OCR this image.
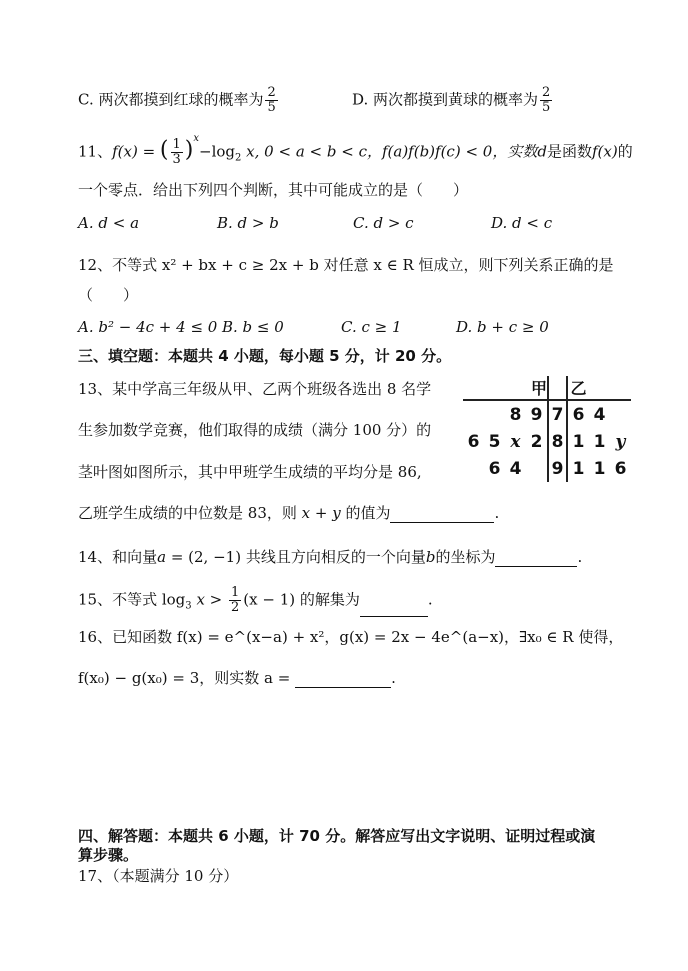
C. 两次都摸到红球的概率为 $\frac{2}{5}$	D. 两次都摸到黄球的概率为 $\frac{2}{5}$
11、f(x) = ( $\frac{1}{3} )^x-\log_2$ x, 0 < a < b < c，f(a)f(b)f(c) < 0，实数d是函数f(x)的
一个零点．给出下列四个判断，其中可能成立的是（　　）
A. d < a	B. d > b	C. d > c	D. d < c
12、不等式 x² + bx + c ≥ 2x + b 对任意 x ∈ R 恒成立，则下列关系正确的是
（　　）
A. b² − 4c + 4 ≤ 0 B. b ≤ 0	C. c ≥ 1	D. b + c ≥ 0
三、填空题：本题共 4 小题，每小题 5 分，计 20 分。
13、某中学高三年级从甲、乙两个班级各选出 8 名学
生参加数学竞赛，他们取得的成绩（满分 100 分）的
茎叶图如图所示，其中甲班学生成绩的平均分是 86,
乙班学生成绩的中位数是 83，则 x + y 的值为	.
			甲		乙		
		8	9	7	6	4	
6	5	x	2	8	1	1	y
	6	4		9	1	1	6
14、和向量a = (2, −1) 共线且方向相反的一个向量b的坐标为	.
15、不等式 $\log_3 x > \frac{1}{2} (x - 1)$ 的解集为	.
16、已知函数 f(x) = e^(x−a) + x²，g(x) = 2x − 4e^(a−x)，∃x₀ ∈ R 使得，
f(x₀) − g(x₀) = 3，则实数 a =	.
四、解答题：本题共 6 小题，计 70 分。解答应写出文字说明、证明过程或演
算步骤。
17、（本题满分 10 分）
